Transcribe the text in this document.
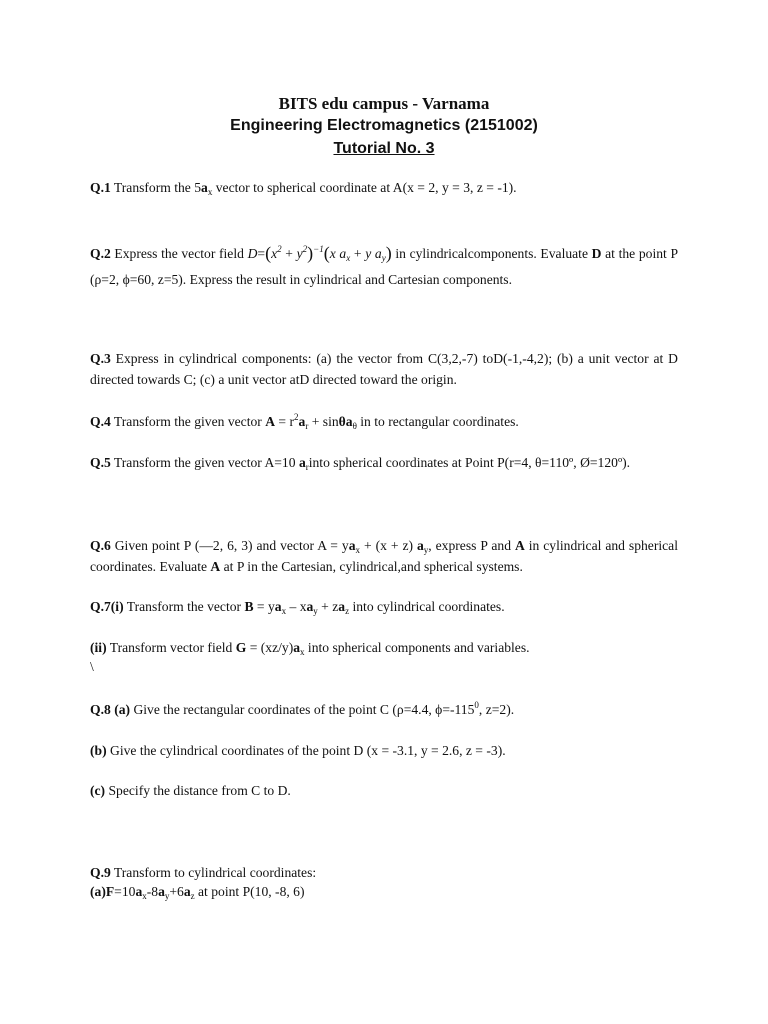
BITS edu campus - Varnama
Engineering Electromagnetics (2151002)
Tutorial No. 3
Q.1 Transform the $5a_x$ vector to spherical coordinate at A(x = 2, y = 3, z = -1).
Q.2 Express the vector field $D=(x^2 + y^2)^{-1}(x$ $a_x + y$ $a_y$) in cylindricalcomponents. Evaluate D at the point P (ρ=2, ϕ=60, z=5). Express the result in cylindrical and Cartesian components.
Q.3 Express in cylindrical components: (a) the vector from C(3,2,-7) toD(-1,-4,2); (b) a unit vector at D directed towards C; (c) a unit vector atD directed toward the origin.
Q.4 Transform the given vector $A = r^2a_r + \sin\theta a_\theta$ in to rectangular coordinates.
Q.5 Transform the given vector A=10 $a_rinto$ spherical coordinates at Point P(r=4, θ=110º, Ø=120º).
Q.6 Given point P (—2, 6, 3) and vector $A = ya_x + (x + z)$ $a_y$, express P and A in cylindrical and spherical coordinates. Evaluate A at P in the Cartesian, cylindrical,and spherical systems.
Q.7(i) Transform the vector $B = ya_x - xa_y + za_z$ into cylindrical coordinates.
(ii) Transform vector field $G = (xz/y)a_x$ into spherical components and variables.
\
Q.8 (a) Give the rectangular coordinates of the point C (ρ=4.4, $\phi=-115^0$, z=2).
(b) Give the cylindrical coordinates of the point D (x = -3.1, y = 2.6, z = -3).
(c) Specify the distance from C to D.
Q.9 Transform to cylindrical coordinates:
$(a)F=10a_x-8a_y+6a_z$ at point P(10, -8, 6)
